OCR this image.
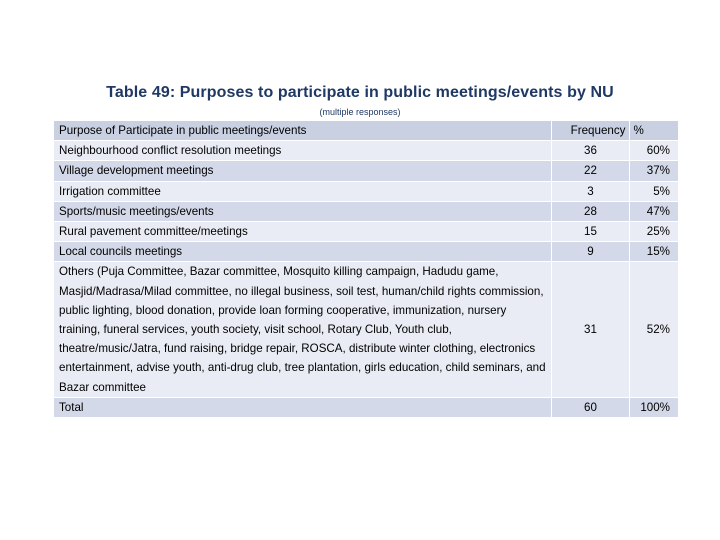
Table 49: Purposes to participate in public meetings/events by NU
(multiple responses)
Purpose of Participate in public meetings/events	Frequency	%
Neighbourhood conflict resolution meetings	36	60%
Village development meetings	22	37%
Irrigation committee	3	5%
Sports/music meetings/events	28	47%
Rural pavement committee/meetings	15	25%
Local councils meetings	9	15%
Others (Puja Committee, Bazar committee, Mosquito killing campaign, Hadudu game, Masjid/Madrasa/Milad committee, no illegal business, soil test, human/child rights commission, public lighting, blood donation, provide loan forming cooperative, immunization, nursery training, funeral services, youth society, visit school, Rotary Club, Youth club, theatre/music/Jatra, fund raising, bridge repair, ROSCA, distribute winter clothing, electronics entertainment, advise youth, anti-drug club, tree plantation, girls education, child seminars, and Bazar committee	31	52%
Total	60	100%
